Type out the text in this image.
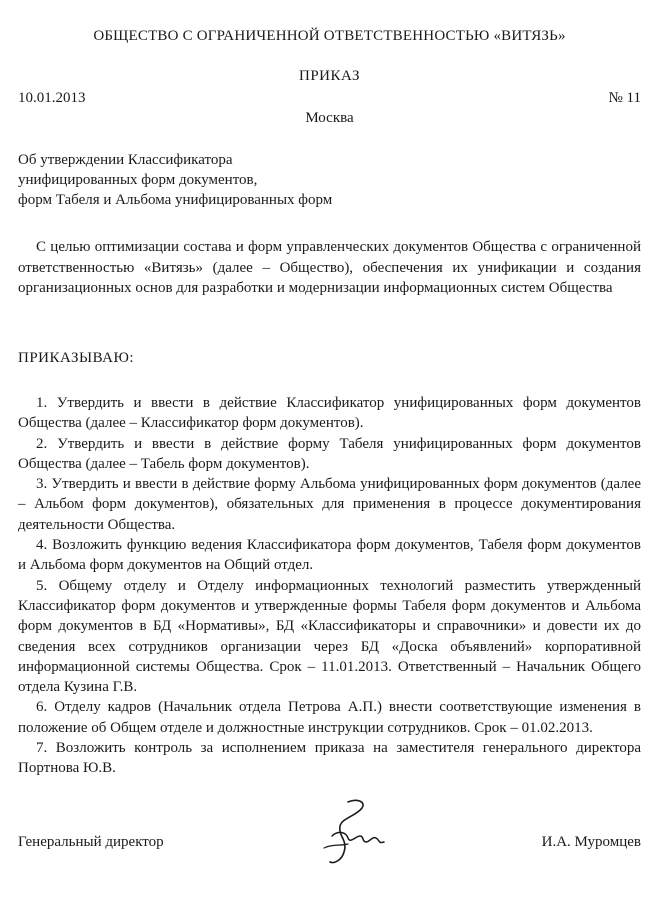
ОБЩЕСТВО С ОГРАНИЧЕННОЙ ОТВЕТСТВЕННОСТЬЮ «ВИТЯЗЬ»
ПРИКАЗ
10.01.2013	№ 11
Москва
Об утверждении Классификатора
унифицированных форм документов,
форм Табеля и Альбома унифицированных форм
С целью оптимизации состава и форм управленческих документов Общества с ограниченной ответственностью «Витязь» (далее – Общество), обеспечения их унификации и создания организационных основ для разработки и модернизации информационных систем Общества
ПРИКАЗЫВАЮ:

1. Утвердить и ввести в действие Классификатор унифицированных форм документов Общества (далее – Классификатор форм документов).

2. Утвердить и ввести в действие форму Табеля унифицированных форм документов Общества (далее – Табель форм документов).

3. Утвердить и ввести в действие форму Альбома унифицированных форм документов (далее – Альбом форм документов), обязательных для применения в процессе документирования деятельности Общества.

4. Возложить функцию ведения Классификатора форм документов, Табеля форм документов и Альбома форм документов на Общий отдел.

5. Общему отделу и Отделу информационных технологий разместить утвержденный Классификатор форм документов и утвержденные формы Табеля форм документов и Альбома форм документов в БД «Нормативы», БД «Классификаторы и справочники» и довести их до сведения всех сотрудников организации через БД «Доска объявлений» корпоративной информационной системы Общества. Срок – 11.01.2013. Ответственный – Начальник Общего отдела Кузина Г.В.

6. Отделу кадров (Начальник отдела Петрова А.П.) внести соответствующие изменения в положение об Общем отделе и должностные инструкции сотрудников. Срок – 01.02.2013.

7. Возложить контроль за исполнением приказа на заместителя генерального директора Портнова Ю.В.

Генеральный директор	И.А. Муромцев
